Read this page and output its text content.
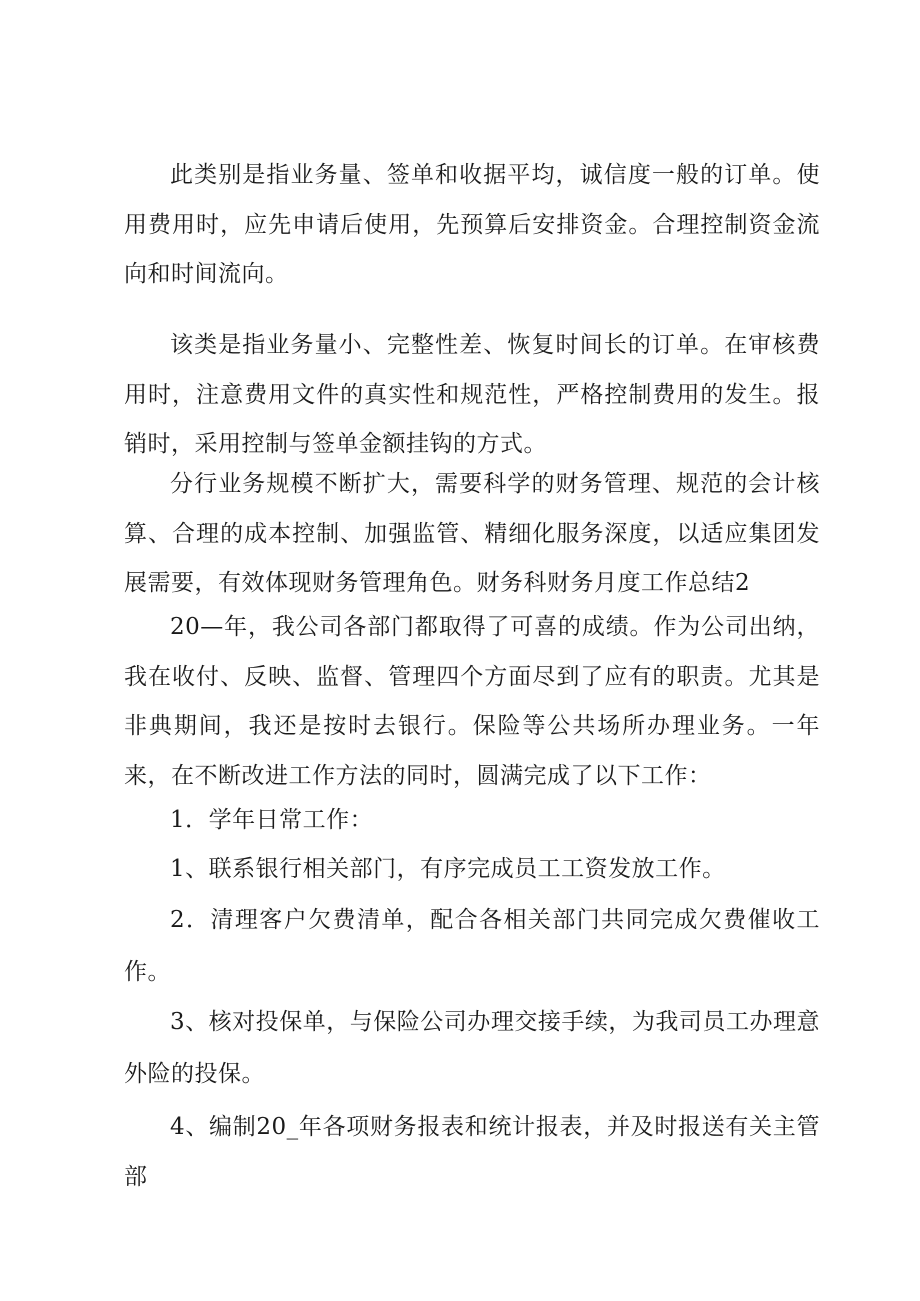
此类别是指业务量、签单和收据平均，诚信度一般的订单。使用费用时，应先申请后使用，先预算后安排资金。合理控制资金流向和时间流向。

该类是指业务量小、完整性差、恢复时间长的订单。在审核费用时，注意费用文件的真实性和规范性，严格控制费用的发生。报销时，采用控制与签单金额挂钩的方式。

分行业务规模不断扩大，需要科学的财务管理、规范的会计核算、合理的成本控制、加强监管、精细化服务深度，以适应集团发展需要，有效体现财务管理角色。财务科财务月度工作总结2

20—年，我公司各部门都取得了可喜的成绩。作为公司出纳，我在收付、反映、监督、管理四个方面尽到了应有的职责。尤其是非典期间，我还是按时去银行。保险等公共场所办理业务。一年来，在不断改进工作方法的同时，圆满完成了以下工作：

1．学年日常工作：

1、联系银行相关部门，有序完成员工工资发放工作。

2．清理客户欠费清单，配合各相关部门共同完成欠费催收工作。

3、核对投保单，与保险公司办理交接手续，为我司员工办理意外险的投保。

4、编制20_年各项财务报表和统计报表，并及时报送有关主管部
